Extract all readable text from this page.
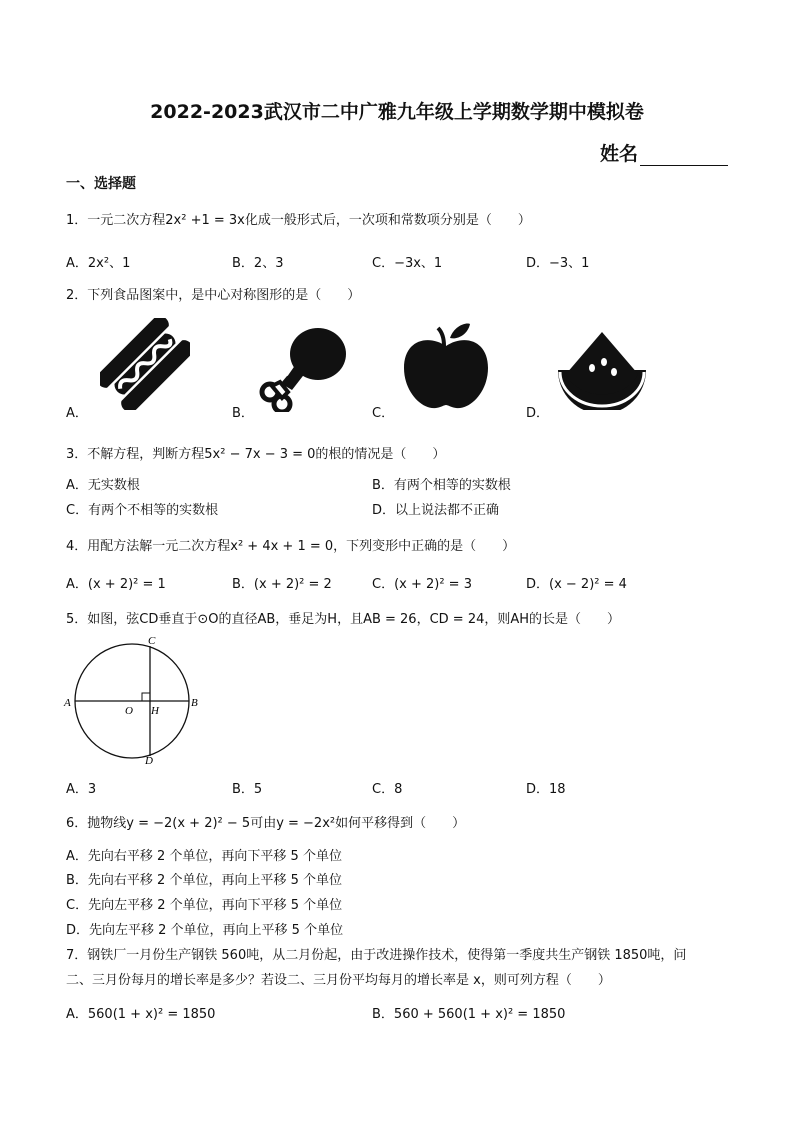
2022-2023武汉市二中广雅九年级上学期数学期中模拟卷
姓名
一、选择题
1．一元二次方程2x² +1 = 3x化成一般形式后，一次项和常数项分别是（　　）
A．2x²、1	B．2、3	C．−3x、1	D．−3、1
2．下列食品图案中，是中心对称图形的是（　　）
A．	B．	C．	D．
3．不解方程，判断方程5x² − 7x − 3 = 0的根的情况是（　　）
A．无实数根	B．有两个相等的实数根
C．有两个不相等的实数根	D．以上说法都不正确
4．用配方法解一元二次方程x² + 4x + 1 = 0，下列变形中正确的是（　　）
A．(x + 2)² = 1	B．(x + 2)² = 2	C．(x + 2)² = 3	D．(x − 2)² = 4
5．如图，弦CD垂直于⊙O的直径AB，垂足为H，且AB = 26，CD = 24，则AH的长是（　　）
A	B
C
D
O H
A．3	B．5	C．8	D．18
6．抛物线y = −2(x + 2)² − 5可由y = −2x²如何平移得到（　　）
A．先向右平移 2 个单位，再向下平移 5 个单位
B．先向右平移 2 个单位，再向上平移 5 个单位
C．先向左平移 2 个单位，再向下平移 5 个单位
D．先向左平移 2 个单位，再向上平移 5 个单位
7．钢铁厂一月份生产钢铁 560吨，从二月份起，由于改进操作技术，使得第一季度共生产钢铁 1850吨，问
二、三月份每月的增长率是多少？若设二、三月份平均每月的增长率是 x，则可列方程（　　）
A．560(1 + x)² = 1850	B．560 + 560(1 + x)² = 1850
